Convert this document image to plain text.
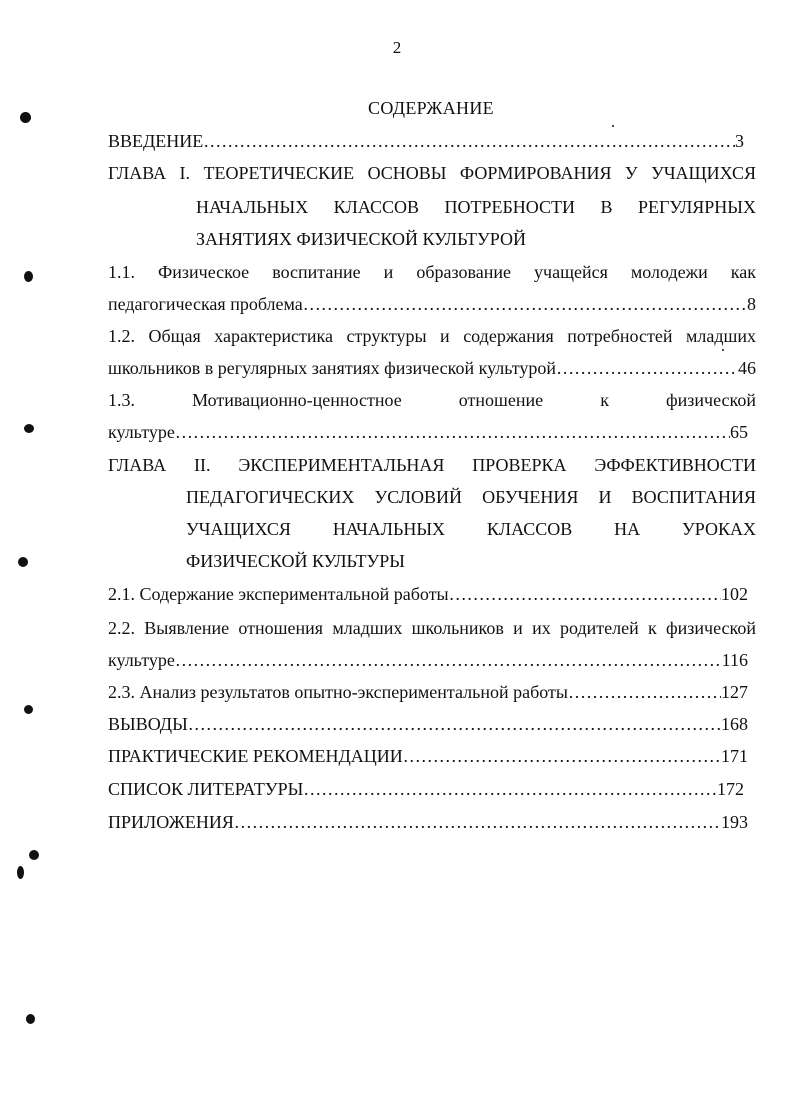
2
СОДЕРЖАНИЕ
ВВЕДЕНИЕ …………………………………………………………………………………………………………………………………………………………………………………………	3
ГЛАВА I. ТЕОРЕТИЧЕСКИЕ ОСНОВЫ ФОРМИРОВАНИЯ У УЧАЩИХСЯ
НАЧАЛЬНЫХ КЛАССОВ ПОТРЕБНОСТИ В РЕГУЛЯРНЫХ
ЗАНЯТИЯХ ФИЗИЧЕСКОЙ КУЛЬТУРОЙ
1.1. Физическое воспитание и образование учащейся молодежи как
педагогическая проблема …………………………………………………………………………………………………………………………………………………………………………………………	8
1.2. Общая характеристика структуры и содержания потребностей младших
школьников в регулярных занятиях физической культурой …………………………………………………………………………………………………………………………………………………………………………………………	46
1.3. Мотивационно-ценностное отношение к физической
культуре …………………………………………………………………………………………………………………………………………………………………………………………	65
ГЛАВА II. ЭКСПЕРИМЕНТАЛЬНАЯ ПРОВЕРКА ЭФФЕКТИВНОСТИ
ПЕДАГОГИЧЕСКИХ УСЛОВИЙ ОБУЧЕНИЯ И ВОСПИТАНИЯ
УЧАЩИХСЯ НАЧАЛЬНЫХ КЛАССОВ НА УРОКАХ
ФИЗИЧЕСКОЙ КУЛЬТУРЫ
2.1. Содержание экспериментальной работы …………………………………………………………………………………………………………………………………………………………………………………………	102
2.2. Выявление отношения младших школьников и их родителей к физической
культуре …………………………………………………………………………………………………………………………………………………………………………………………	116
2.3. Анализ результатов опытно-экспериментальной работы …………………………………………………………………………………………………………………………………………………………………………………………	127
ВЫВОДЫ …………………………………………………………………………………………………………………………………………………………………………………………	168
ПРАКТИЧЕСКИЕ РЕКОМЕНДАЦИИ …………………………………………………………………………………………………………………………………………………………………………………………	171
СПИСОК ЛИТЕРАТУРЫ …………………………………………………………………………………………………………………………………………………………………………………………	172
ПРИЛОЖЕНИЯ …………………………………………………………………………………………………………………………………………………………………………………………	193
